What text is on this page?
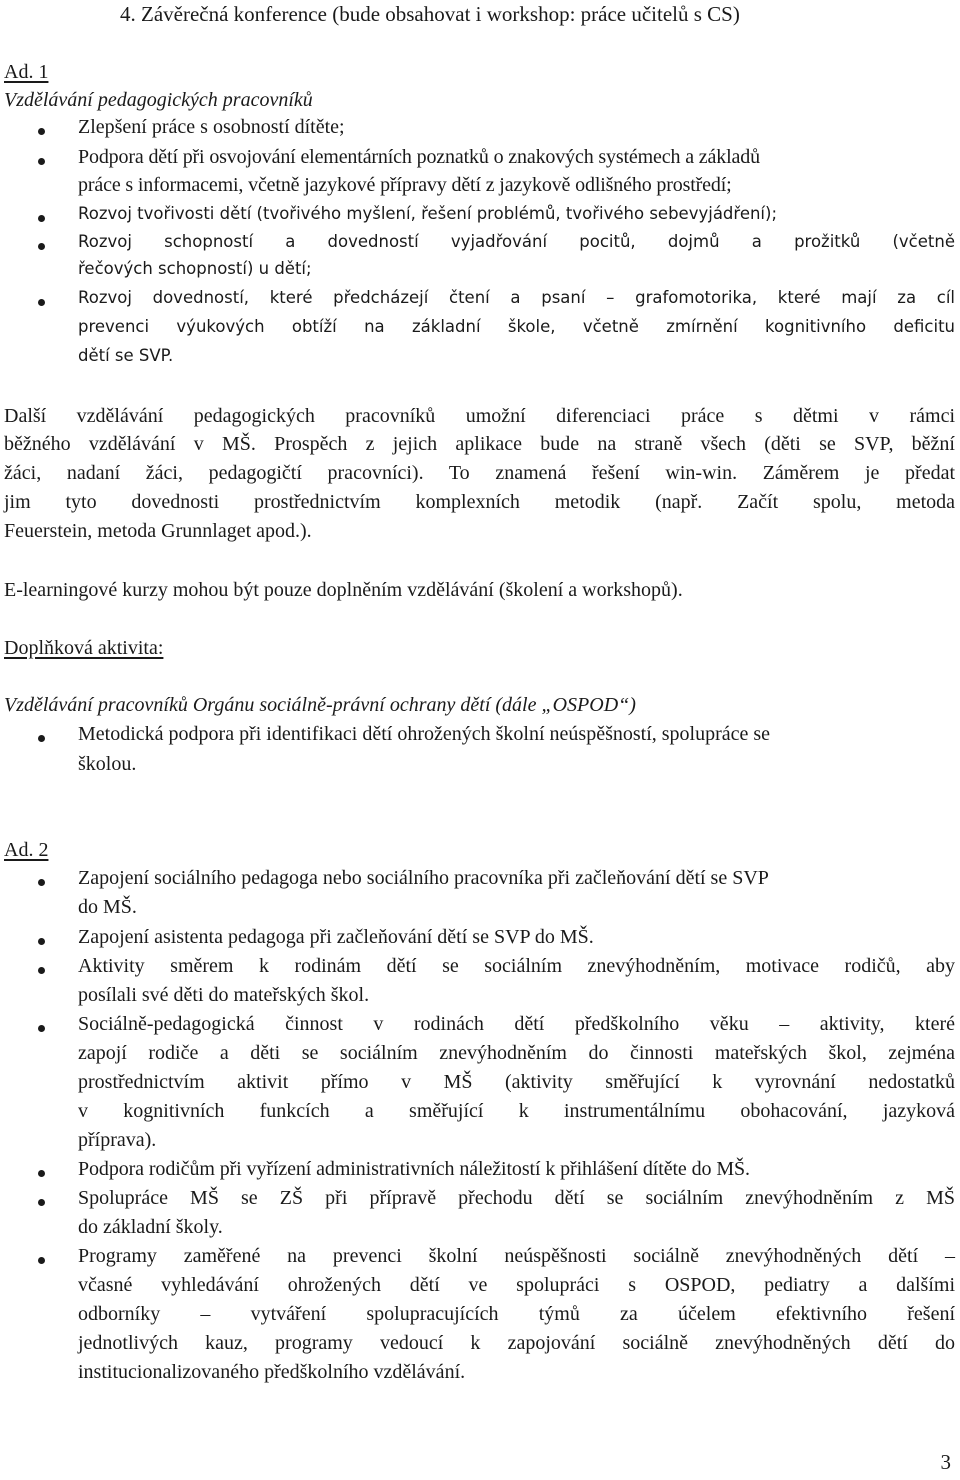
4. Závěrečná konference (bude obsahovat i workshop: práce učitelů s CS)
Ad. 1
Vzdělávání pedagogických pracovníků
Zlepšení práce s osobností dítěte;
Podpora dětí při osvojování elementárních poznatků o znakových systémech a základů
práce s informacemi, včetně jazykové přípravy dětí z jazykově odlišného prostředí;
Rozvoj tvořivosti dětí (tvořivého myšlení, řešení problémů, tvořivého sebevyjádření);
Rozvoj schopností a dovedností vyjadřování pocitů, dojmů a prožitků (včetně
řečových schopností) u dětí;
Rozvoj dovedností, které předcházejí čtení a psaní – grafomotorika, které mají za cíl
prevenci výukových obtíží na základní škole, včetně zmírnění kognitivního deficitu
dětí se SVP.
Další vzdělávání pedagogických pracovníků umožní diferenciaci práce s dětmi v rámci
běžného vzdělávání v MŠ. Prospěch z jejich aplikace bude na straně všech (děti se SVP, běžní
žáci, nadaní žáci, pedagogičtí pracovníci). To znamená řešení win-win. Záměrem je předat
jim tyto dovednosti prostřednictvím komplexních metodik (např. Začít spolu, metoda
Feuerstein, metoda Grunnlaget apod.).
E-learningové kurzy mohou být pouze doplněním vzdělávání (školení a workshopů).
Doplňková aktivita:
Vzdělávání pracovníků Orgánu sociálně-právní ochrany dětí (dále „OSPOD“)
Metodická podpora při identifikaci dětí ohrožených školní neúspěšností, spolupráce se
školou.
Ad. 2
Zapojení sociálního pedagoga nebo sociálního pracovníka při začleňování dětí se SVP
do MŠ.
Zapojení asistenta pedagoga při začleňování dětí se SVP do MŠ.
Aktivity směrem k rodinám dětí se sociálním znevýhodněním, motivace rodičů, aby
posílali své děti do mateřských škol.
Sociálně-pedagogická činnost v rodinách dětí předškolního věku – aktivity, které
zapojí rodiče a děti se sociálním znevýhodněním do činnosti mateřských škol, zejména
prostřednictvím aktivit přímo v MŠ (aktivity směřující k vyrovnání nedostatků
v kognitivních funkcích a směřující k instrumentálnímu obohacování, jazyková
příprava).
Podpora rodičům při vyřízení administrativních náležitostí k přihlášení dítěte do MŠ.
Spolupráce MŠ se ZŠ při přípravě přechodu dětí se sociálním znevýhodněním z MŠ
do základní školy.
Programy zaměřené na prevenci školní neúspěšnosti sociálně znevýhodněných dětí –
včasné vyhledávání ohrožených dětí ve spolupráci s OSPOD, pediatry a dalšími
odborníky – vytváření spolupracujících týmů za účelem efektivního řešení
jednotlivých kauz, programy vedoucí k zapojování sociálně znevýhodněných dětí do
institucionalizovaného předškolního vzdělávání.
3
